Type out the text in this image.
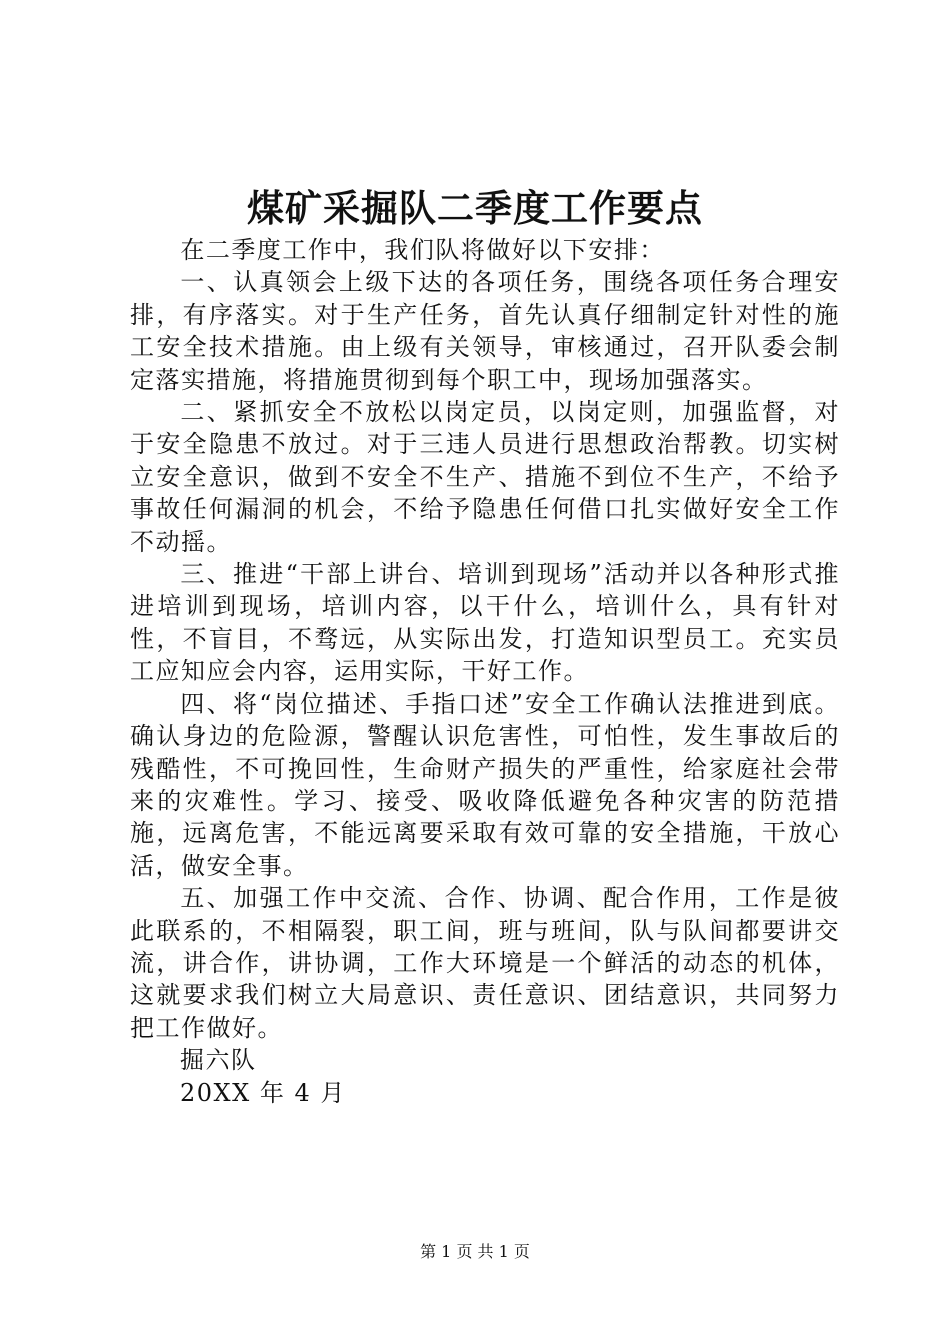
煤矿采掘队二季度工作要点

在二季度工作中，我们队将做好以下安排：

一、认真领会上级下达的各项任务，围绕各项任务合理安排，有序落实。对于生产任务，首先认真仔细制定针对性的施工安全技术措施。由上级有关领导，审核通过，召开队委会制定落实措施，将措施贯彻到每个职工中，现场加强落实。

二、紧抓安全不放松以岗定员，以岗定则，加强监督，对于安全隐患不放过。对于三违人员进行思想政治帮教。切实树立安全意识，做到不安全不生产、措施不到位不生产，不给予事故任何漏洞的机会，不给予隐患任何借口扎实做好安全工作不动摇。

三、推进“干部上讲台、培训到现场”活动并以各种形式推进培训到现场，培训内容，以干什么，培训什么，具有针对性，不盲目，不骛远，从实际出发，打造知识型员工。充实员工应知应会内容，运用实际，干好工作。

四、将“岗位描述、手指口述”安全工作确认法推进到底。确认身边的危险源，警醒认识危害性，可怕性，发生事故后的残酷性，不可挽回性，生命财产损失的严重性，给家庭社会带来的灾难性。学习、接受、吸收降低避免各种灾害的防范措施，远离危害，不能远离要采取有效可靠的安全措施，干放心活，做安全事。

五、加强工作中交流、合作、协调、配合作用，工作是彼此联系的，不相隔裂，职工间，班与班间，队与队间都要讲交流，讲合作，讲协调，工作大环境是一个鲜活的动态的机体，这就要求我们树立大局意识、责任意识、团结意识，共同努力把工作做好。

掘六队

20XX 年 4 月

第 1 页 共 1 页
